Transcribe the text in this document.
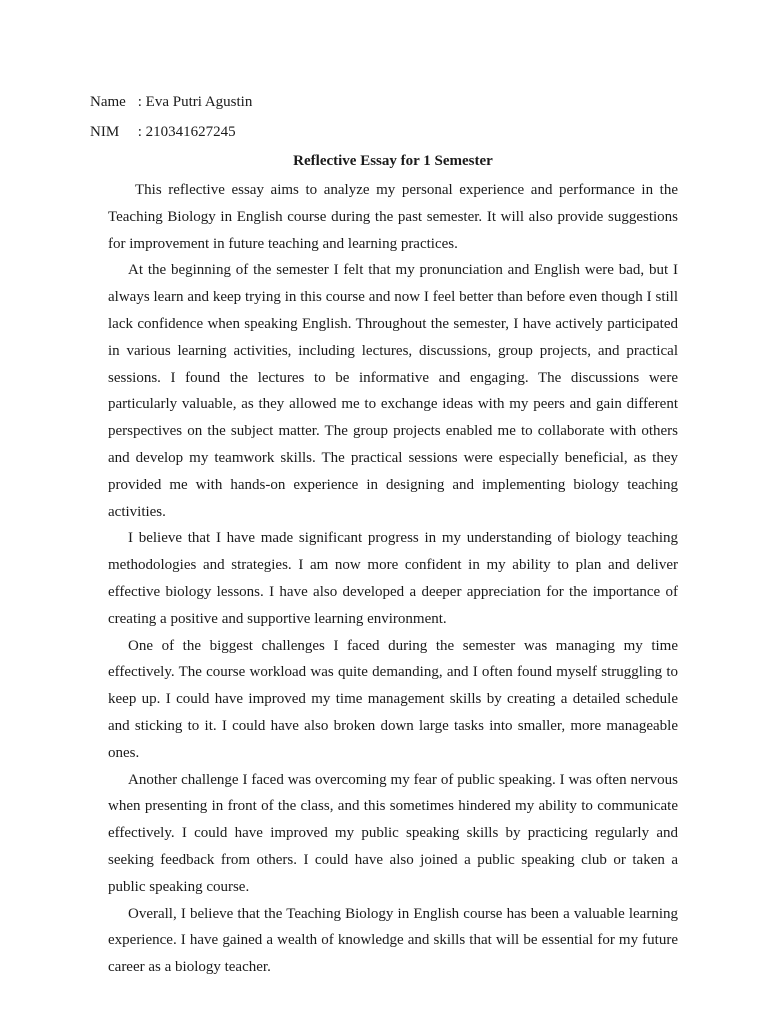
Name : Eva Putri Agustin
NIM : 210341627245
Reflective Essay for 1 Semester

This reflective essay aims to analyze my personal experience and performance in the Teaching Biology in English course during the past semester. It will also provide suggestions for improvement in future teaching and learning practices.

At the beginning of the semester I felt that my pronunciation and English were bad, but I always learn and keep trying in this course and now I feel better than before even though I still lack confidence when speaking English. Throughout the semester, I have actively participated in various learning activities, including lectures, discussions, group projects, and practical sessions. I found the lectures to be informative and engaging. The discussions were particularly valuable, as they allowed me to exchange ideas with my peers and gain different perspectives on the subject matter. The group projects enabled me to collaborate with others and develop my teamwork skills. The practical sessions were especially beneficial, as they provided me with hands-on experience in designing and implementing biology teaching activities.

I believe that I have made significant progress in my understanding of biology teaching methodologies and strategies. I am now more confident in my ability to plan and deliver effective biology lessons. I have also developed a deeper appreciation for the importance of creating a positive and supportive learning environment.

One of the biggest challenges I faced during the semester was managing my time effectively. The course workload was quite demanding, and I often found myself struggling to keep up. I could have improved my time management skills by creating a detailed schedule and sticking to it. I could have also broken down large tasks into smaller, more manageable ones.

Another challenge I faced was overcoming my fear of public speaking. I was often nervous when presenting in front of the class, and this sometimes hindered my ability to communicate effectively. I could have improved my public speaking skills by practicing regularly and seeking feedback from others. I could have also joined a public speaking club or taken a public speaking course.

Overall, I believe that the Teaching Biology in English course has been a valuable learning experience. I have gained a wealth of knowledge and skills that will be essential for my future career as a biology teacher.
